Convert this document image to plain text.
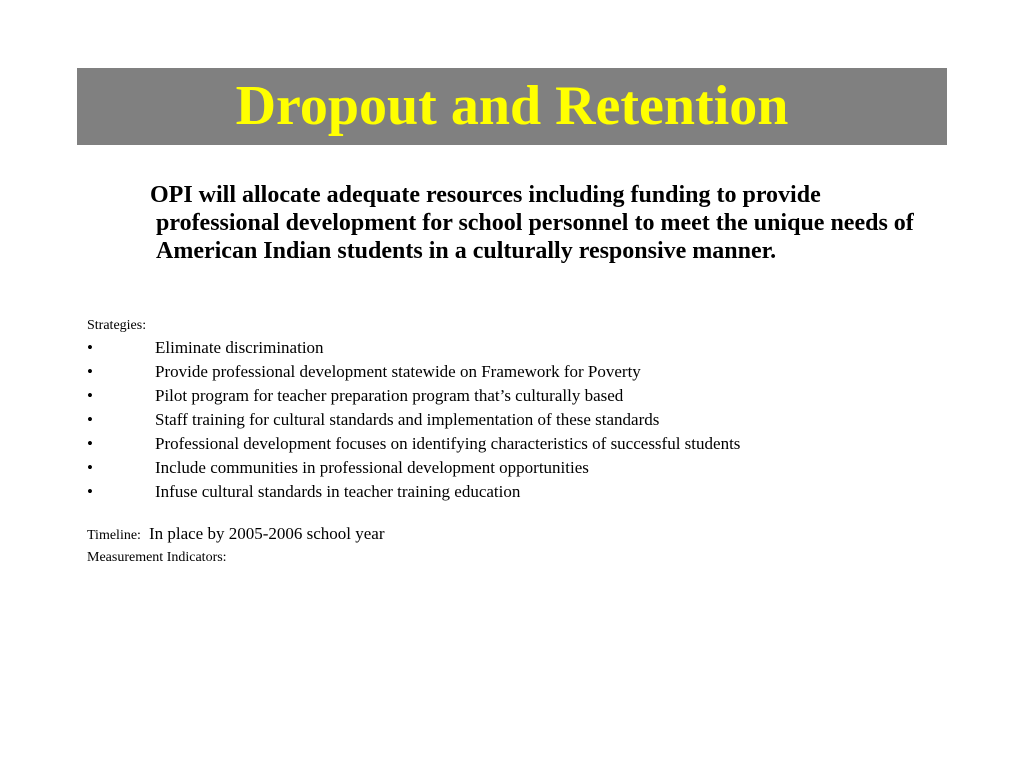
Dropout and Retention
OPI will allocate adequate resources including funding to provide professional development for school personnel to meet the unique needs of American Indian students in a culturally responsive manner.
Strategies:
•	Eliminate discrimination
•	Provide professional development statewide on Framework for Poverty
•	Pilot program for teacher preparation program that’s culturally based
•	Staff training for cultural standards and implementation of these standards
•	Professional development focuses on identifying characteristics of successful students
•	Include communities in professional development opportunities
•	Infuse cultural standards in teacher training education
Timeline: In place by 2005-2006 school year
Measurement Indicators:
